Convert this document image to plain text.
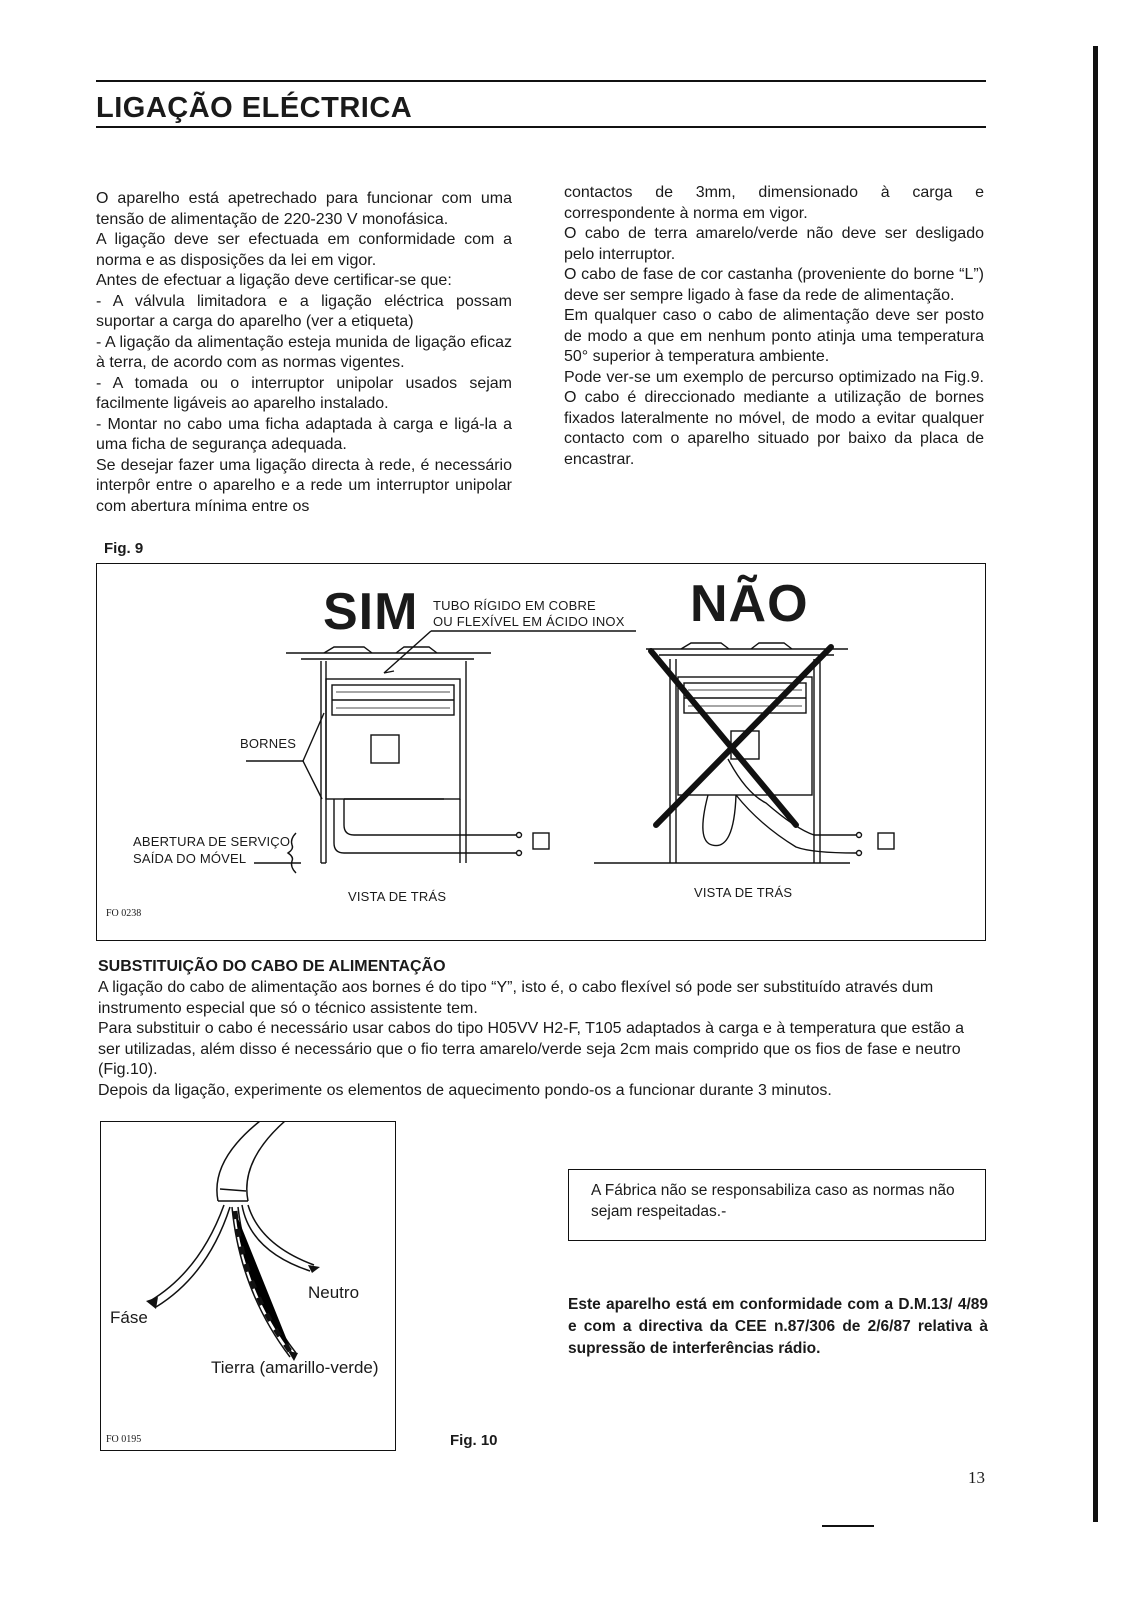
LIGAÇÃO ELÉCTRICA

O aparelho está apetrechado para funcionar com uma tensão de alimentação de 220-230 V monofásica.

A ligação deve ser efectuada em conformidade com a norma e as disposições da lei em vigor.

Antes de efectuar a ligação deve certificar-se que:

- A válvula limitadora e a ligação eléctrica possam suportar a carga do aparelho (ver a etiqueta)

- A ligação da alimentação esteja munida de ligação eficaz à terra, de acordo com as normas vigentes.

- A tomada ou o interruptor unipolar usados sejam facilmente ligáveis ao aparelho instalado.

- Montar no cabo uma ficha adaptada à carga e ligá-la a uma ficha de segurança adequada.

Se desejar fazer uma ligação directa à rede, é necessário interpôr entre o aparelho e a rede um interruptor unipolar com abertura mínima entre os

contactos de 3mm, dimensionado à carga e correspondente à norma em vigor.

O cabo de terra amarelo/verde não deve ser desligado pelo interruptor.

O cabo de fase de cor castanha (proveniente do borne “L”) deve ser sempre ligado à fase da rede de alimentação.

Em qualquer caso o cabo de alimentação deve ser posto de modo a que em nenhum ponto atinja uma temperatura 50° superior à temperatura ambiente.

Pode ver-se um exemplo de percurso optimizado na Fig.9. O cabo é direccionado mediante a utilização de bornes fixados lateralmente no móvel, de modo a evitar qualquer contacto com o aparelho situado por baixo da placa de encastrar.

Fig. 9
SIM TUBO RÍGIDO EM COBRE
OU FLEXÍVEL EM ÁCIDO INOX NÃO
BORNES
ABERTURA DE SERVIÇO
SAÍDA DO MÓVEL
VISTA DE TRÁS	VISTA DE TRÁS
FO 0238
SUBSTITUIÇÃO DO CABO DE ALIMENTAÇÃO

A ligação do cabo de alimentação aos bornes é do tipo “Y”, isto é, o cabo flexível só pode ser substituído através dum instrumento especial que só o técnico assistente tem.

Para substituir o cabo é necessário usar cabos do tipo H05VV H2-F, T105 adaptados à carga e à temperatura que estão a ser utilizadas, além disso é necessário que o fio terra amarelo/verde seja 2cm mais comprido que os fios de fase e neutro (Fig.10).

Depois da ligação, experimente os elementos de aquecimento pondo-os a funcionar durante 3 minutos.

Fáse
Neutro
Tierra (amarillo-verde)
FO 0195	Fig. 10
A Fábrica não se responsabiliza caso as normas não sejam respeitadas.-
Este aparelho está em conformidade com a D.M.13/ 4/89 e com a directiva da CEE n.87/306 de 2/6/87 relativa à supressão de interferências rádio.
13
